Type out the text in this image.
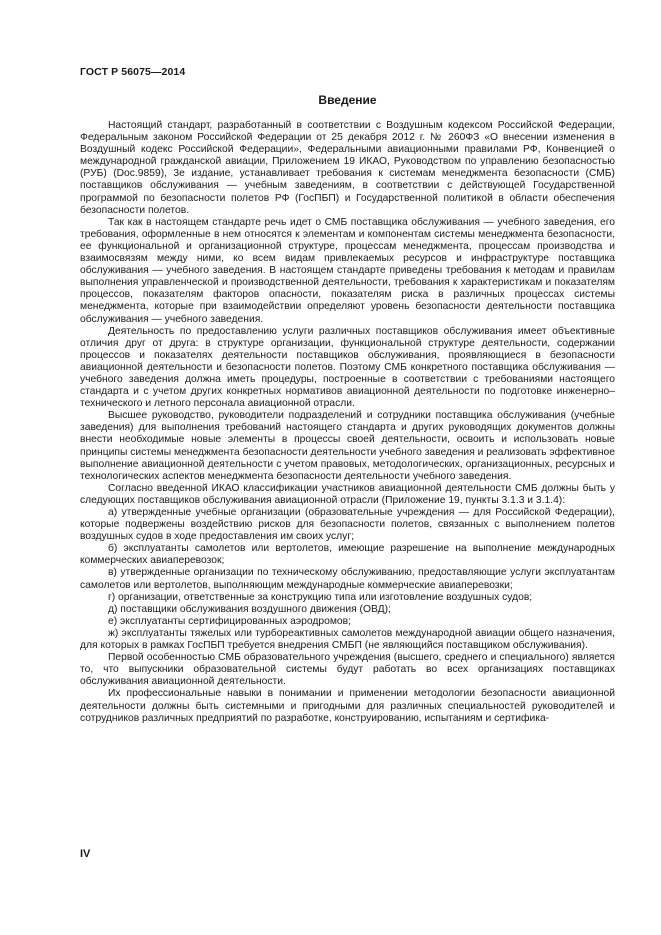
ГОСТ Р 56075—2014
Введение

Настоящий стандарт, разработанный в соответствии с Воздушным кодексом Российской Федерации, Федеральным законом Российской Федерации от 25 декабря 2012 г. № 260ФЗ «О внесении изменения в Воздушный кодекс Российской Федерации», Федеральными авиационными правилами РФ, Конвенцией о международной гражданской авиации, Приложением 19 ИКАО, Руководством по управлению безопасностью (РУБ) (Doc.9859), 3е издание, устанавливает требования к системам менеджмента безопасности (СМБ) поставщиков обслуживания — учебным заведениям, в соответствии с действующей Государственной программой по безопасности полетов РФ (ГосПБП) и Государственной политикой в области обеспечения безопасности полетов.

Так как в настоящем стандарте речь идет о СМБ поставщика обслуживания — учебного заведения, его требования, оформленные в нем относятся к элементам и компонентам системы менеджмента безопасности, ее функциональной и организационной структуре, процессам менеджмента, процессам производства и взаимосвязям между ними, ко всем видам привлекаемых ресурсов и инфраструктуре поставщика обслуживания — учебного заведения. В настоящем стандарте приведены требования к методам и правилам выполнения управленческой и производственной деятельности, требования к характеристикам и показателям процессов, показателям факторов опасности, показателям риска в различных процессах системы менеджмента, которые при взаимодействии определяют уровень безопасности деятельности поставщика обслуживания — учебного заведения.

Деятельность по предоставлению услуги различных поставщиков обслуживания имеет объективные отличия друг от друга: в структуре организации, функциональной структуре деятельности, содержании процессов и показателях деятельности поставщиков обслуживания, проявляющиеся в безопасности авиационной деятельности и безопасности полетов. Поэтому СМБ конкретного поставщика обслуживания — учебного заведения должна иметь процедуры, построенные в соответствии с требованиями настоящего стандарта и с учетом других конкретных нормативов авиационной деятельности по подготовке инженерно–технического и летного персонала авиационной отрасли.

Высшее руководство, руководители подразделений и сотрудники поставщика обслуживания (учебные заведения) для выполнения требований настоящего стандарта и других руководящих документов должны внести необходимые новые элементы в процессы своей деятельности, освоить и использовать новые принципы системы менеджмента безопасности деятельности учебного заведения и реализовать эффективное выполнение авиационной деятельности с учетом правовых, методологических, организационных, ресурсных и технологических аспектов менеджмента безопасности деятельности учебного заведения.

Согласно введенной ИКАО классификации участников авиационной деятельности СМБ должны быть у следующих поставщиков обслуживания авиационной отрасли (Приложение 19, пункты 3.1.3 и 3.1.4):

а) утвержденные учебные организации (образовательные учреждения — для Российской Федерации), которые подвержены воздействию рисков для безопасности полетов, связанных с выполнением полетов воздушных судов в ходе предоставления им своих услуг;

б) эксплуатанты самолетов или вертолетов, имеющие разрешение на выполнение международных коммерческих авиаперевозок;

в) утвержденные организации по техническому обслуживанию, предоставляющие услуги эксплуатантам самолетов или вертолетов, выполняющим международные коммерческие авиаперевозки;

г) организации, ответственные за конструкцию типа или изготовление воздушных судов;

д) поставщики обслуживания воздушного движения (ОВД);

е) эксплуатанты сертифицированных аэродромов;

ж) эксплуатанты тяжелых или турбореактивных самолетов международной авиации общего назначения, для которых в рамках ГосПБП требуется внедрения СМБП (не являющийся поставщиком обслуживания).

Первой особенностью СМБ образовательного учреждения (высшего, среднего и специального) является то, что выпускники образовательной системы будут работать во всех организациях поставщиках обслуживания авиационной деятельности.

Их профессиональные навыки в понимании и применении методологии безопасности авиационной деятельности должны быть системными и пригодными для различных специальностей руководителей и сотрудников различных предприятий по разработке, конструированию, испытаниям и сертифика-

IV
